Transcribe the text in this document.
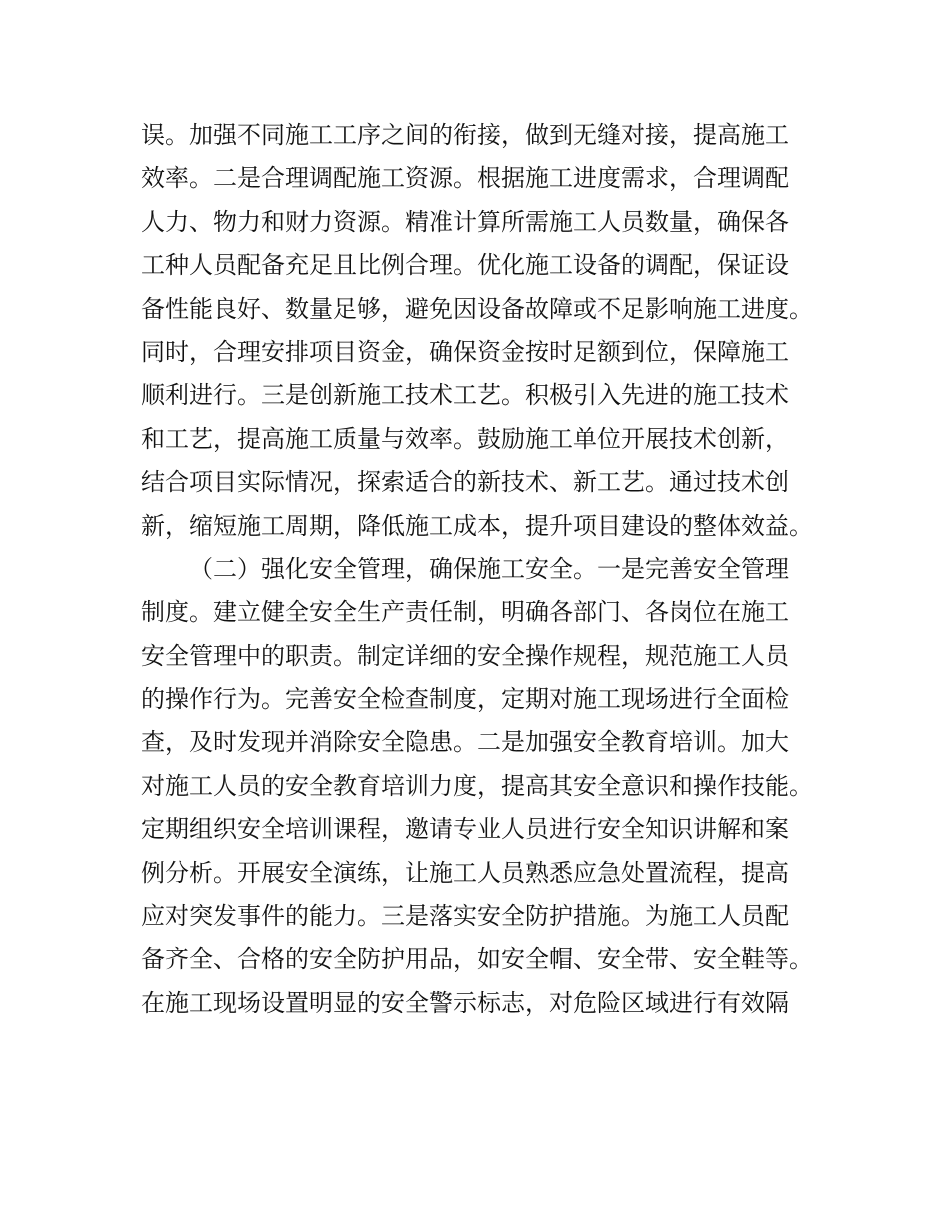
误。加强不同施工工序之间的衔接，做到无缝对接，提高施工
效率。二是合理调配施工资源。根据施工进度需求，合理调配
人力、物力和财力资源。精准计算所需施工人员数量，确保各
工种人员配备充足且比例合理。优化施工设备的调配，保证设
备性能良好、数量足够，避免因设备故障或不足影响施工进度。
同时，合理安排项目资金，确保资金按时足额到位，保障施工
顺利进行。三是创新施工技术工艺。积极引入先进的施工技术
和工艺，提高施工质量与效率。鼓励施工单位开展技术创新，
结合项目实际情况，探索适合的新技术、新工艺。通过技术创
新，缩短施工周期，降低施工成本，提升项目建设的整体效益。
（二）强化安全管理，确保施工安全。一是完善安全管理
制度。建立健全安全生产责任制，明确各部门、各岗位在施工
安全管理中的职责。制定详细的安全操作规程，规范施工人员
的操作行为。完善安全检查制度，定期对施工现场进行全面检
查，及时发现并消除安全隐患。二是加强安全教育培训。加大
对施工人员的安全教育培训力度，提高其安全意识和操作技能。
定期组织安全培训课程，邀请专业人员进行安全知识讲解和案
例分析。开展安全演练，让施工人员熟悉应急处置流程，提高
应对突发事件的能力。三是落实安全防护措施。为施工人员配
备齐全、合格的安全防护用品，如安全帽、安全带、安全鞋等。
在施工现场设置明显的安全警示标志，对危险区域进行有效隔
